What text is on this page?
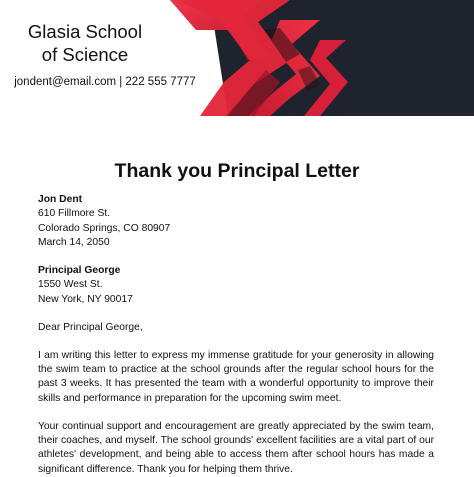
Glasia School
of Science
jondent@email.com | 222 555 7777
Thank you Principal Letter
Jon Dent
610 Fillmore St.
Colorado Springs, CO 80907
March 14, 2050
Principal George
1550 West St.
New York, NY 90017
Dear Principal George,
I am writing this letter to express my immense gratitude for your generosity in allowing the swim team to practice at the school grounds after the regular school hours for the past 3 weeks. It has presented the team with a wonderful opportunity to improve their skills and performance in preparation for the upcoming swim meet.
Your continual support and encouragement are greatly appreciated by the swim team, their coaches, and myself. The school grounds' excellent facilities are a vital part of our athletes' development, and being able to access them after school hours has made a significant difference. Thank you for helping them thrive.
